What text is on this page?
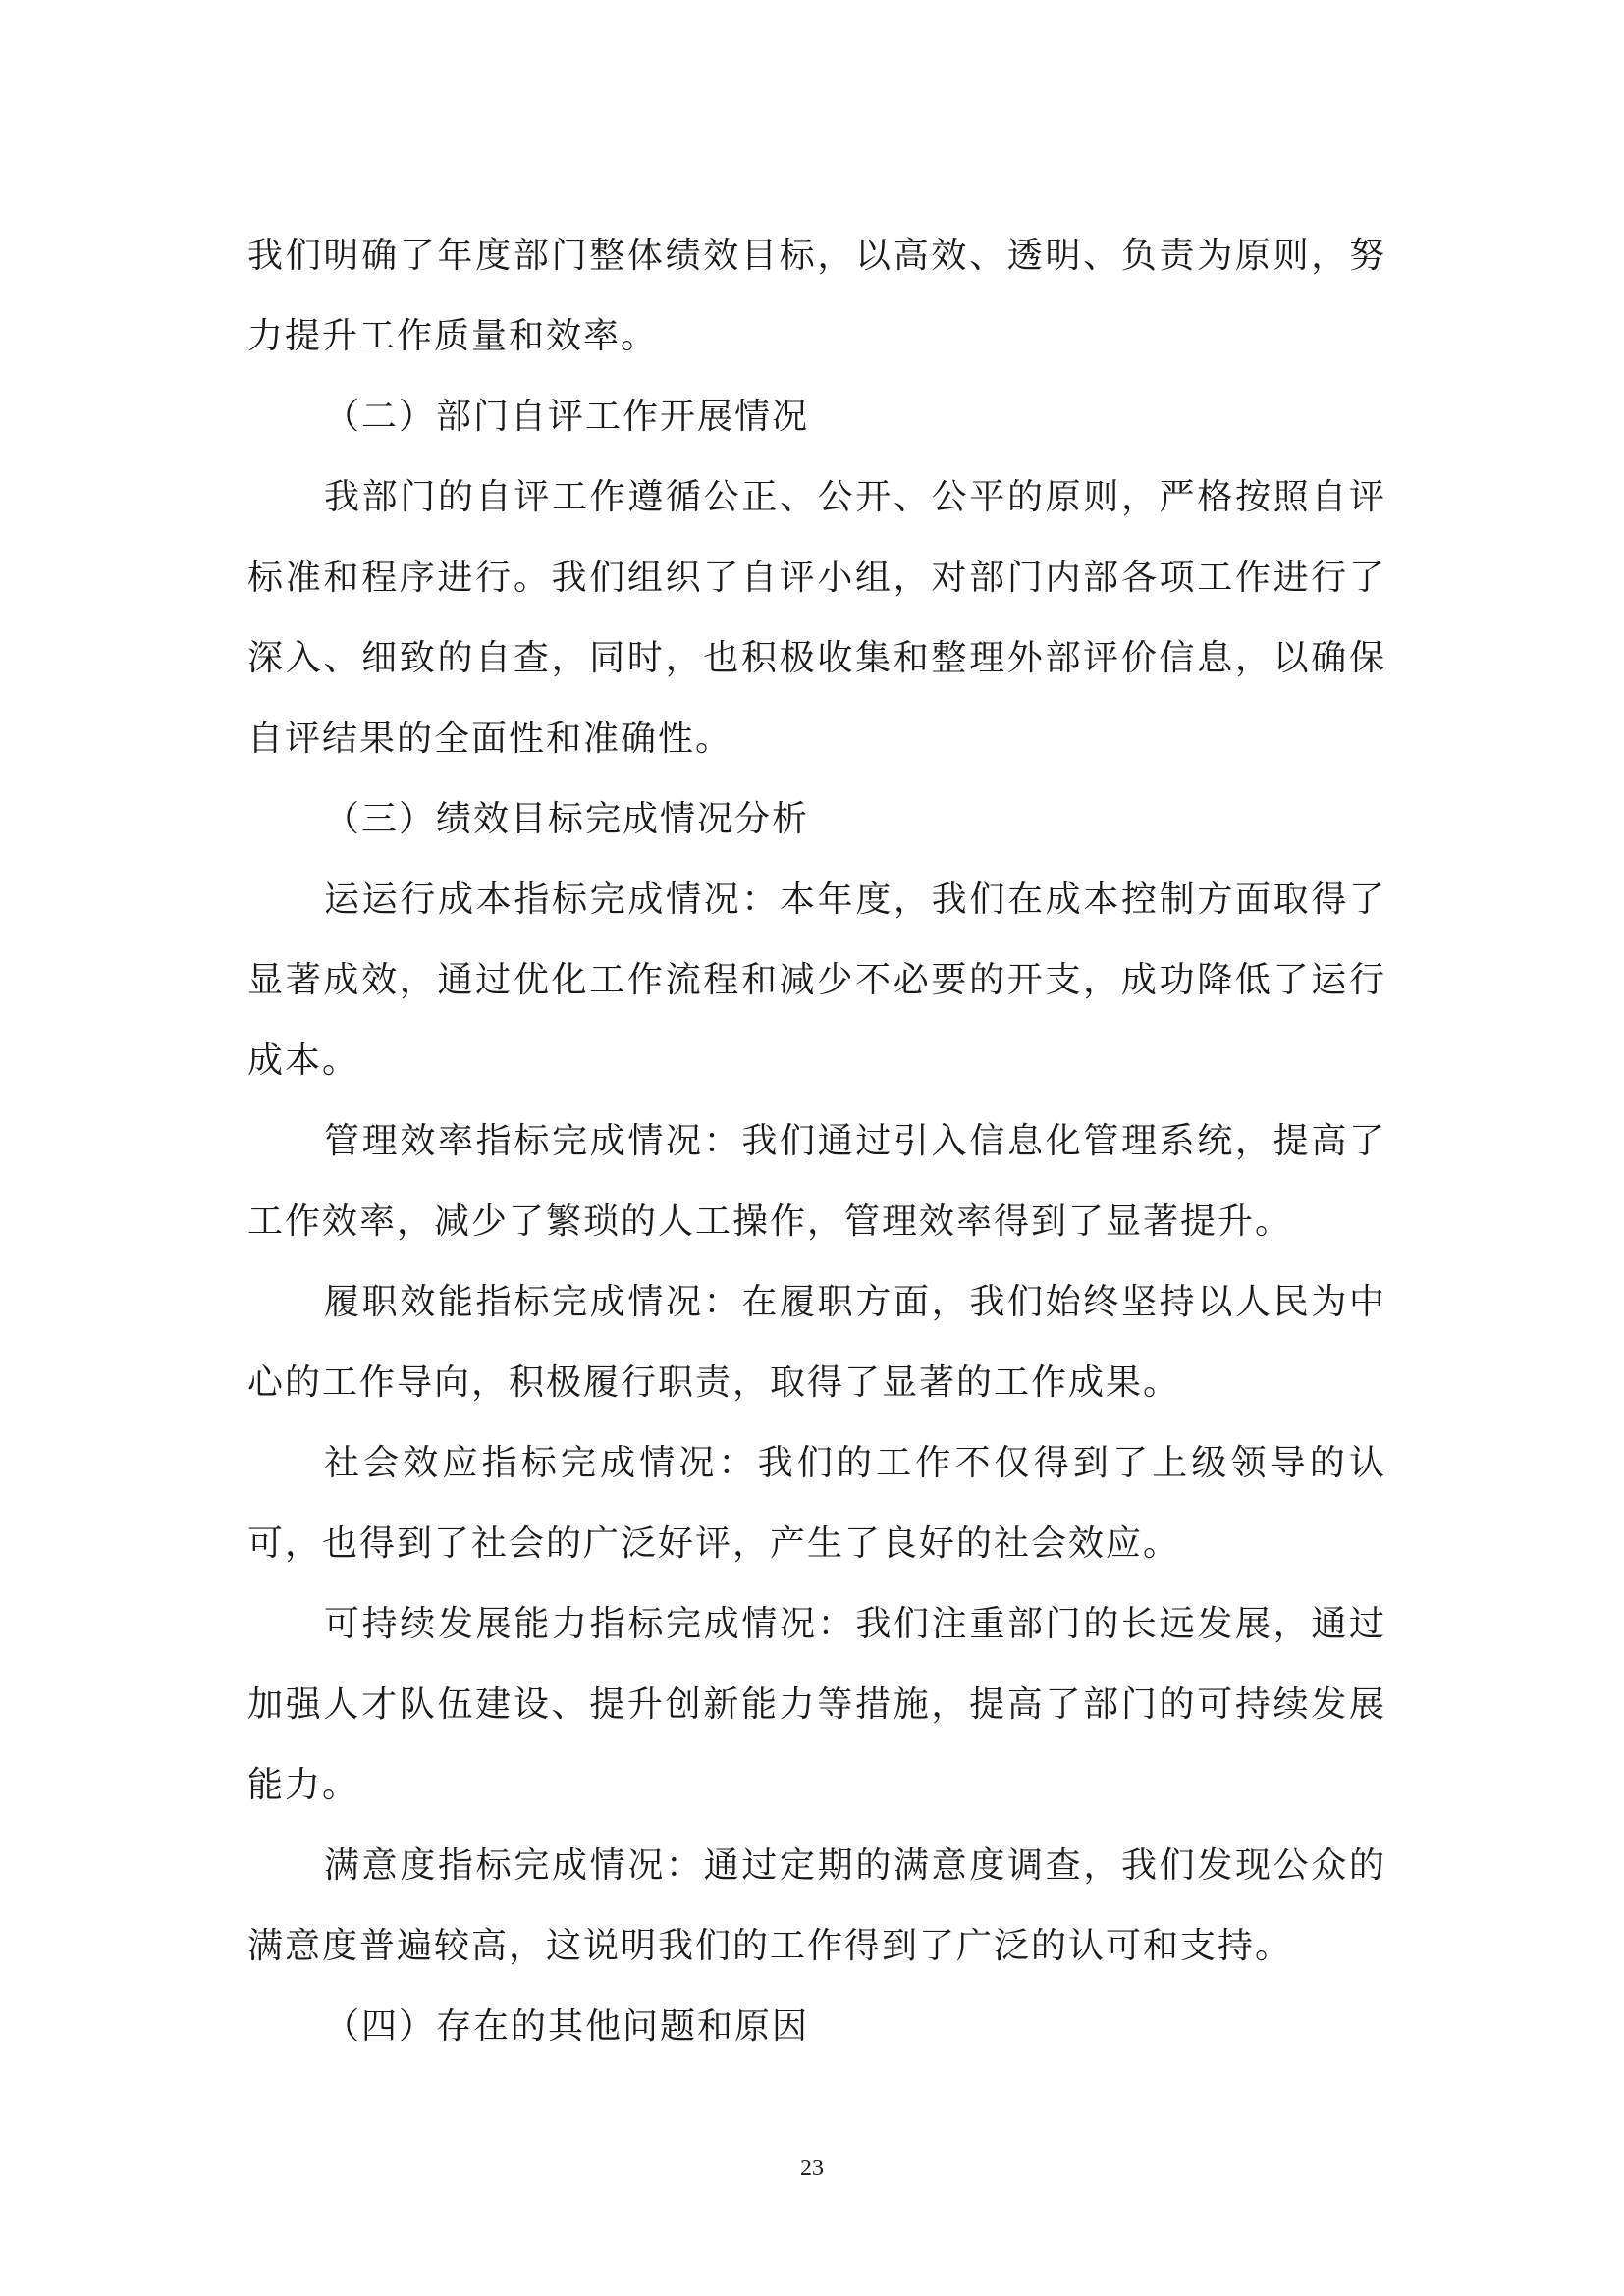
我们明确了年度部门整体绩效目标，以高效、透明、负责为原则，努力提升工作质量和效率。

（二）部门自评工作开展情况

我部门的自评工作遵循公正、公开、公平的原则，严格按照自评标准和程序进行。我们组织了自评小组，对部门内部各项工作进行了深入、细致的自查，同时，也积极收集和整理外部评价信息，以确保自评结果的全面性和准确性。

（三）绩效目标完成情况分析

运运行成本指标完成情况：本年度，我们在成本控制方面取得了显著成效，通过优化工作流程和减少不必要的开支，成功降低了运行成本。

管理效率指标完成情况：我们通过引入信息化管理系统，提高了工作效率，减少了繁琐的人工操作，管理效率得到了显著提升。

履职效能指标完成情况：在履职方面，我们始终坚持以人民为中心的工作导向，积极履行职责，取得了显著的工作成果。

社会效应指标完成情况：我们的工作不仅得到了上级领导的认可，也得到了社会的广泛好评，产生了良好的社会效应。

可持续发展能力指标完成情况：我们注重部门的长远发展，通过加强人才队伍建设、提升创新能力等措施，提高了部门的可持续发展能力。

满意度指标完成情况：通过定期的满意度调查，我们发现公众的满意度普遍较高，这说明我们的工作得到了广泛的认可和支持。

（四）存在的其他问题和原因

23
